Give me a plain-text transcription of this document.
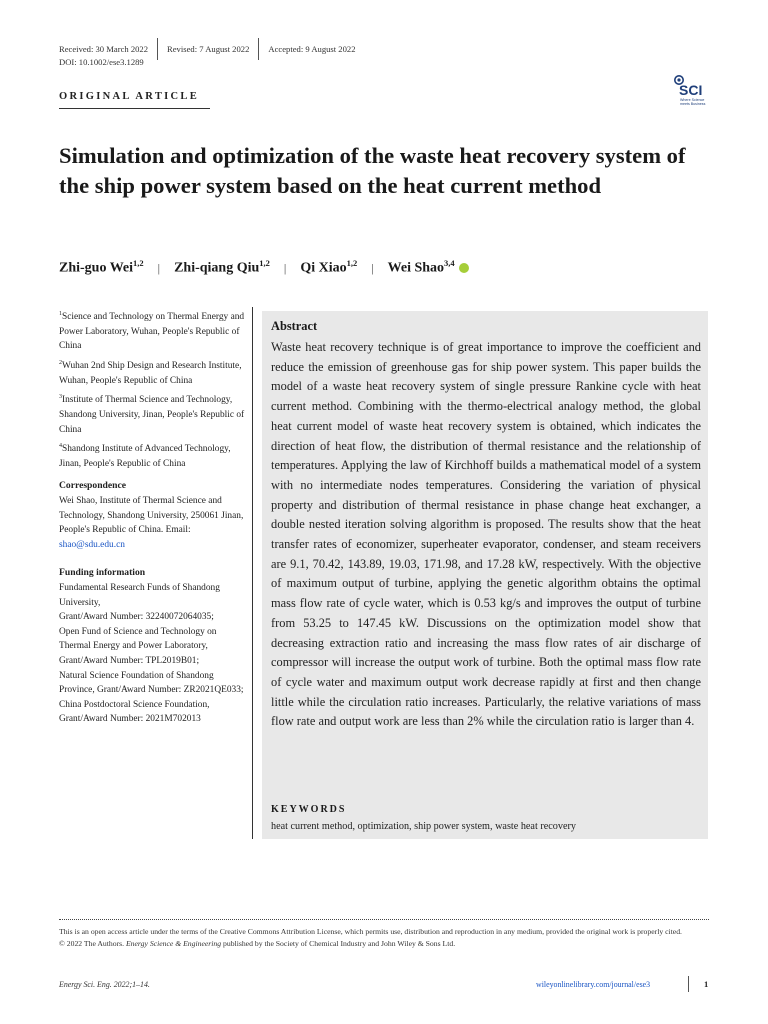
Received: 30 March 2022 Revised: 7 August 2022 Accepted: 9 August 2022
DOI: 10.1002/ese3.1289
ORIGINAL ARTICLE	SCI
Where Science
meets Business
Simulation and optimization of the waste heat recovery system of the ship power system based on the heat current method
Zhi-guo Wei$^{1,2}$ | Zhi-qiang Qiu$^{1,2}$ | Qi Xiao$^{1,2}$ | Wei Shao$^{3,4}$
$^1$Science and Technology on Thermal Energy and Power Laboratory, Wuhan, People's Republic of China
$^2$Wuhan 2nd Ship Design and Research Institute, Wuhan, People's Republic of China
$^3$Institute of Thermal Science and Technology, Shandong University, Jinan, People's Republic of China
$^4$Shandong Institute of Advanced Technology, Jinan, People's Republic of China
Correspondence
Wei Shao, Institute of Thermal Science and Technology, Shandong University, 250061 Jinan, People's Republic of China. Email: shao@sdu.edu.cn
Funding information
Fundamental Research Funds of Shandong University,
Grant/Award Number: 32240072064035;
Open Fund of Science and Technology on Thermal Energy and Power Laboratory,
Grant/Award Number: TPL2019B01;
Natural Science Foundation of Shandong Province, Grant/Award Number: ZR2021QE033; China Postdoctoral Science Foundation,
Grant/Award Number: 2021M702013
Abstract
Waste heat recovery technique is of great importance to improve the coefficient and reduce the emission of greenhouse gas for ship power system. This paper builds the model of a waste heat recovery system of single pressure Rankine cycle with heat current method. Combining with the thermo-electrical analogy method, the global heat current model of waste heat recovery system is obtained, which indicates the direction of heat flow, the distribution of thermal resistance and the relationship of temperatures. Applying the law of Kirchhoff builds a mathematical model of a system with no intermediate nodes temperatures. Considering the variation of physical property and distribution of thermal resistance in phase change heat exchanger, a double nested iteration solving algorithm is proposed. The results show that the heat transfer rates of economizer, superheater evaporator, condenser, and steam receivers are 9.1, 70.42, 143.89, 19.03, 171.98, and 17.28 kW, respectively. With the objective of maximum output of turbine, applying the genetic algorithm obtains the optimal mass flow rate of cycle water, which is 0.53 kg/s and improves the output of turbine from 53.25 to 147.45 kW. Discussions on the optimization model show that decreasing extraction ratio and increasing the mass flow rates of air discharge of compressor will increase the output work of turbine. Both the optimal mass flow rate of cycle water and maximum output work decrease rapidly at first and then change little while the circulation ratio increases. Particularly, the relative variations of mass flow rate and output work are less than 2% while the circulation ratio is larger than 4.
KEYWORDS
heat current method, optimization, ship power system, waste heat recovery
This is an open access article under the terms of the Creative Commons Attribution License, which permits use, distribution and reproduction in any medium, provided the original work is properly cited.
© 2022 The Authors. Energy Science & Engineering published by the Society of Chemical Industry and John Wiley & Sons Ltd.
Energy Sci. Eng. 2022;1–14.	wileyonlinelibrary.com/journal/ese3	1
